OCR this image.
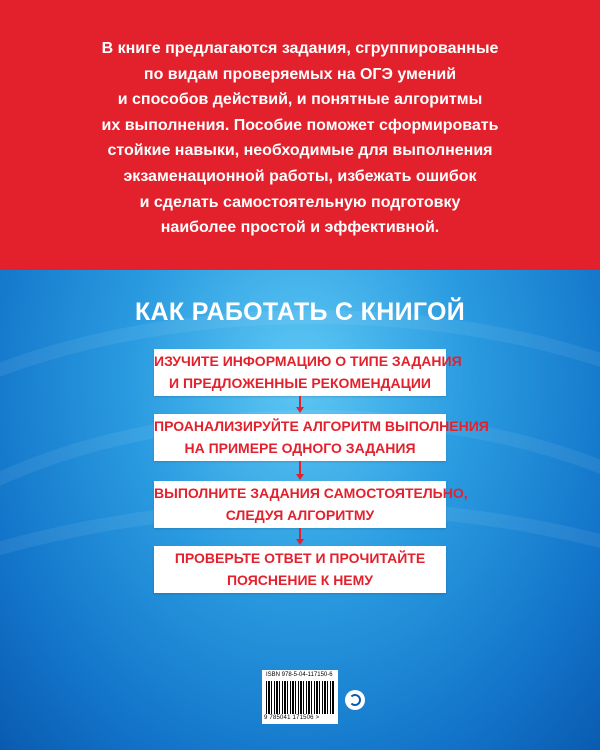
В книге предлагаются задания, сгруппированные
по видам проверяемых на ОГЭ умений
и способов действий, и понятные алгоритмы
их выполнения. Пособие поможет сформировать
стойкие навыки, необходимые для выполнения
экзаменационной работы, избежать ошибок
и сделать самостоятельную подготовку
наиболее простой и эффективной.
КАК РАБОТАТЬ С КНИГОЙ
ИЗУЧИТЕ ИНФОРМАЦИЮ О ТИПЕ ЗАДАНИЯ
И ПРЕДЛОЖЕННЫЕ РЕКОМЕНДАЦИИ
ПРОАНАЛИЗИРУЙТЕ АЛГОРИТМ ВЫПОЛНЕНИЯ
НА ПРИМЕРЕ ОДНОГО ЗАДАНИЯ
ВЫПОЛНИТЕ ЗАДАНИЯ САМОСТОЯТЕЛЬНО,
СЛЕДУЯ АЛГОРИТМУ
ПРОВЕРЬТЕ ОТВЕТ И ПРОЧИТАЙТЕ
ПОЯСНЕНИЕ К НЕМУ
ISBN 978-5-04-117150-6
9 785041 171506 >
